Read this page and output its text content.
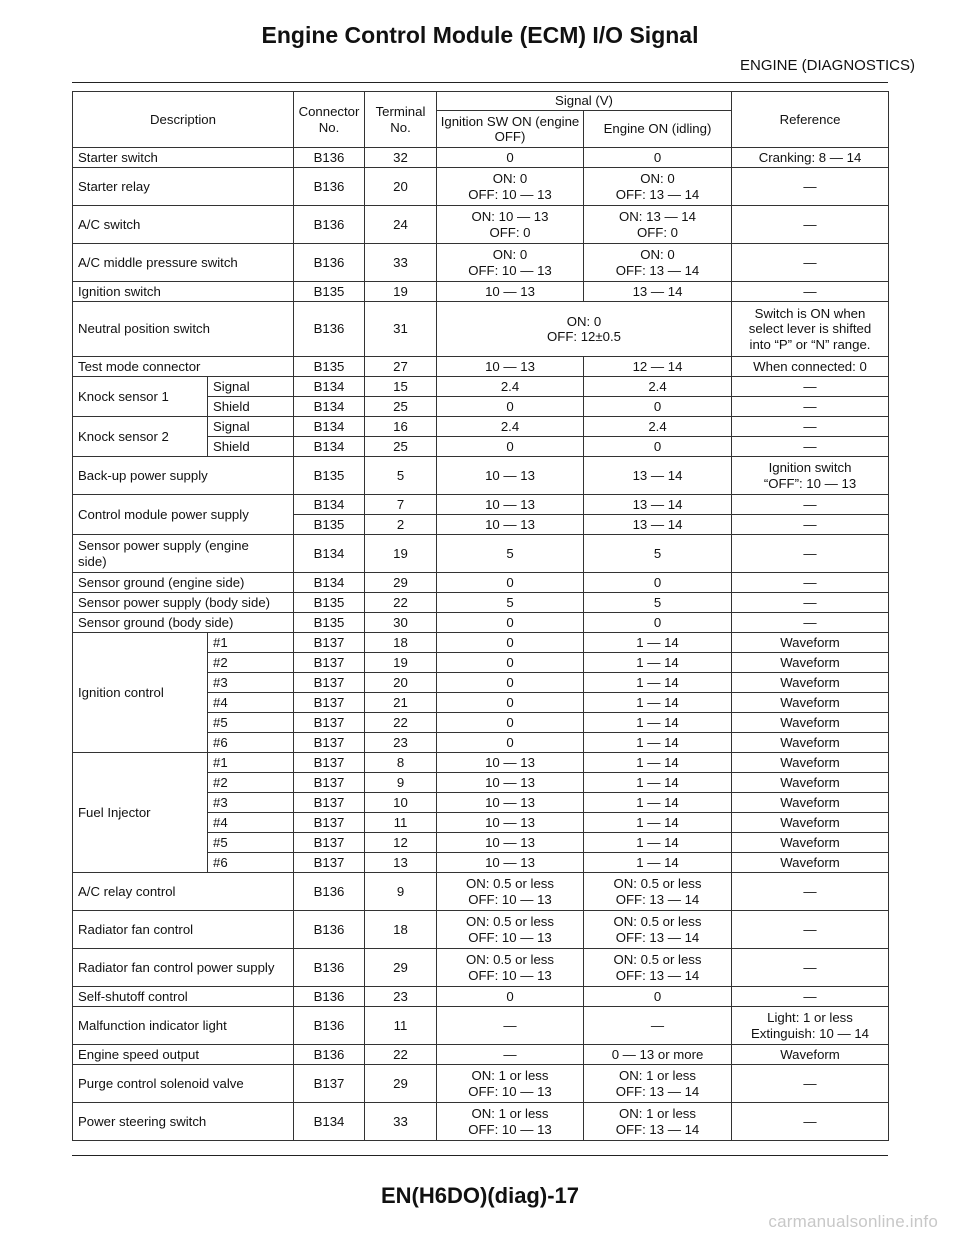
Engine Control Module (ECM) I/O Signal
ENGINE (DIAGNOSTICS)
Description		Connector No.	Terminal No.	Signal (V)		Reference
				Ignition SW ON (engine OFF)	Engine ON (idling)	
Starter switch		B136	32	0	0	Cranking: 8 — 14
Starter relay		B136	20	ON: 0
OFF: 10 — 13	ON: 0
OFF: 13 — 14	—
A/C switch		B136	24	ON: 10 — 13
OFF: 0	ON: 13 — 14
OFF: 0	—
A/C middle pressure switch		B136	33	ON: 0
OFF: 10 — 13	ON: 0
OFF: 13 — 14	—
Ignition switch		B135	19	10 — 13	13 — 14	—
Neutral position switch		B136	31	ON: 0
OFF: 12±0.5		Switch is ON when
select lever is shifted
into “P” or “N” range.
Test mode connector		B135	27	10 — 13	12 — 14	When connected: 0
Knock sensor 1	Signal	B134	15	2.4	2.4	—
	Shield	B134	25	0	0	—
Knock sensor 2	Signal	B134	16	2.4	2.4	—
	Shield	B134	25	0	0	—
Back-up power supply		B135	5	10 — 13	13 — 14	Ignition switch
“OFF”: 10 — 13
Control module power supply		B134	7	10 — 13	13 — 14	—
		B135	2	10 — 13	13 — 14	—
Sensor power supply (engine
side)		B134	19	5	5	—
Sensor ground (engine side)		B134	29	0	0	—
Sensor power supply (body side)		B135	22	5	5	—
Sensor ground (body side)		B135	30	0	0	—
Ignition control	#1	B137	18	0	1 — 14	Waveform
	#2	B137	19	0	1 — 14	Waveform
	#3	B137	20	0	1 — 14	Waveform
	#4	B137	21	0	1 — 14	Waveform
	#5	B137	22	0	1 — 14	Waveform
	#6	B137	23	0	1 — 14	Waveform
Fuel Injector	#1	B137	8	10 — 13	1 — 14	Waveform
	#2	B137	9	10 — 13	1 — 14	Waveform
	#3	B137	10	10 — 13	1 — 14	Waveform
	#4	B137	11	10 — 13	1 — 14	Waveform
	#5	B137	12	10 — 13	1 — 14	Waveform
	#6	B137	13	10 — 13	1 — 14	Waveform
A/C relay control		B136	9	ON: 0.5 or less
OFF: 10 — 13	ON: 0.5 or less
OFF: 13 — 14	—
Radiator fan control		B136	18	ON: 0.5 or less
OFF: 10 — 13	ON: 0.5 or less
OFF: 13 — 14	—
Radiator fan control power supply		B136	29	ON: 0.5 or less
OFF: 10 — 13	ON: 0.5 or less
OFF: 13 — 14	—
Self-shutoff control		B136	23	0	0	—
Malfunction indicator light		B136	11	—	—	Light: 1 or less
Extinguish: 10 — 14
Engine speed output		B136	22	—	0 — 13 or more	Waveform
Purge control solenoid valve		B137	29	ON: 1 or less
OFF: 10 — 13	ON: 1 or less
OFF: 13 — 14	—
Power steering switch		B134	33	ON: 1 or less
OFF: 10 — 13	ON: 1 or less
OFF: 13 — 14	—
EN(H6DO)(diag)-17
carmanualsonline.info
